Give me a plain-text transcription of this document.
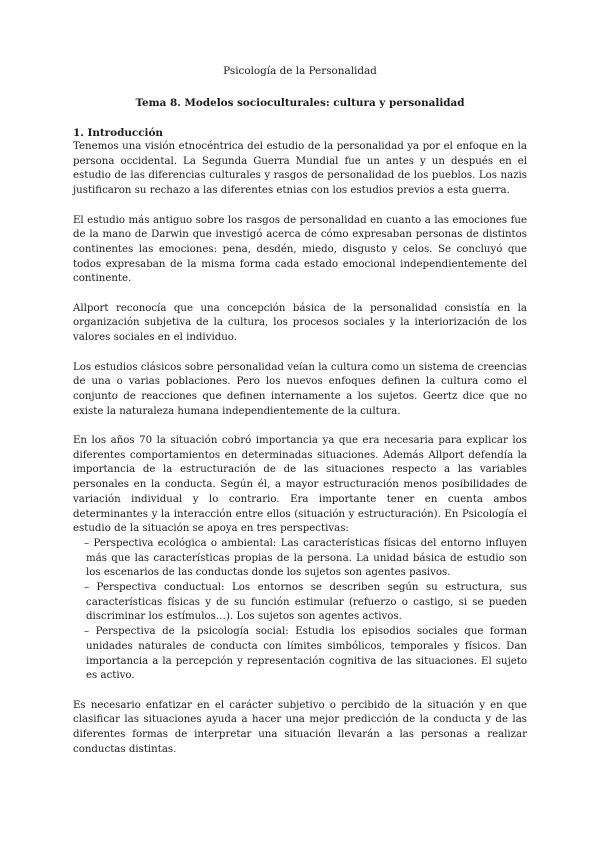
Psicología de la Personalidad
Tema 8. Modelos socioculturales: cultura y personalidad
1. Introducción

Tenemos una visión etnocéntrica del estudio de la personalidad ya por el enfoque en la persona occidental. La Segunda Guerra Mundial fue un antes y un después en el estudio de las diferencias culturales y rasgos de personalidad de los pueblos. Los nazis justificaron su rechazo a las diferentes etnias con los estudios previos a esta guerra.

El estudio más antiguo sobre los rasgos de personalidad en cuanto a las emociones fue de la mano de Darwin que investigó acerca de cómo expresaban personas de distintos continentes las emociones: pena, desdén, miedo, disgusto y celos. Se concluyó que todos expresaban de la misma forma cada estado emocional independientemente del continente.

Allport reconocía que una concepción básica de la personalidad consistía en la organización subjetiva de la cultura, los procesos sociales y la interiorización de los valores sociales en el individuo.

Los estudios clásicos sobre personalidad veían la cultura como un sistema de creencias de una o varias poblaciones. Pero los nuevos enfoques definen la cultura como el conjunto de reacciones que definen internamente a los sujetos. Geertz dice que no existe la naturaleza humana independientemente de la cultura.

En los años 70 la situación cobró importancia ya que era necesaria para explicar los diferentes comportamientos en determinadas situaciones. Además Allport defendía la importancia de la estructuración de de las situaciones respecto a las variables personales en la conducta. Según él, a mayor estructuración menos posibilidades de variación individual y lo contrario. Era importante tener en cuenta ambos determinantes y la interacción entre ellos (situación y estructuración). En Psicología el estudio de la situación se apoya en tres perspectivas:

– Perspectiva ecológica o ambiental: Las características físicas del entorno influyen más que las características propias de la persona. La unidad básica de estudio son los escenarios de las conductas donde los sujetos son agentes pasivos.

– Perspectiva conductual: Los entornos se describen según su estructura, sus características físicas y de su función estimular (refuerzo o castigo, si se pueden discriminar los estímulos…). Los sujetos son agentes activos.

– Perspectiva de la psicología social: Estudia los episodios sociales que forman unidades naturales de conducta con límites simbólicos, temporales y físicos. Dan importancia a la percepción y representación cognitiva de las situaciones. El sujeto es activo.

Es necesario enfatizar en el carácter subjetivo o percibido de la situación y en que clasificar las situaciones ayuda a hacer una mejor predicción de la conducta y de las diferentes formas de interpretar una situación llevarán a las personas a realizar conductas distintas.
